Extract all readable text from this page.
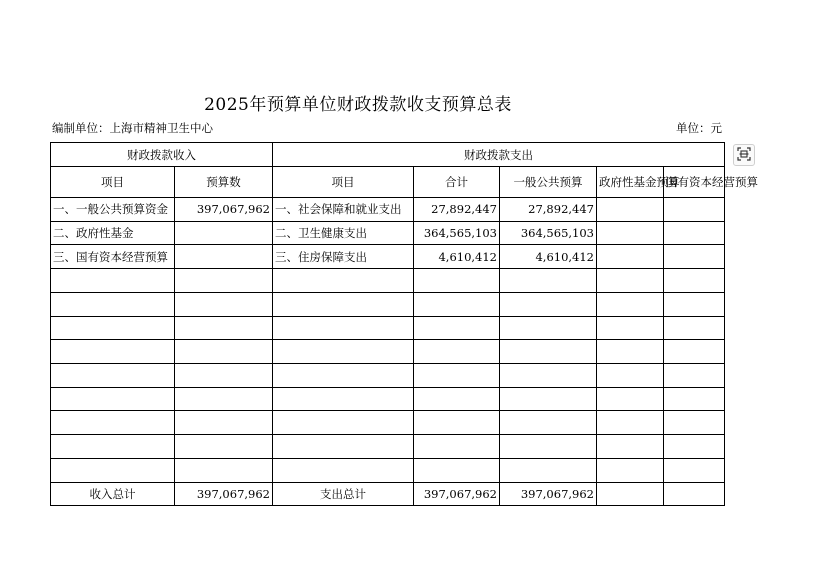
2025年预算单位财政拨款收支预算总表
编制单位：上海市精神卫生中心	单位：元
财政拨款收入		财政拨款支出				
项目	预算数	项目	合计	一般公共预算	政府性基金预算	国有资本经营预算
一、一般公共预算资金	397,067,962	一、社会保障和就业支出	27,892,447	27,892,447		
二、政府性基金		二、卫生健康支出	364,565,103	364,565,103		
三、国有资本经营预算		三、住房保障支出	4,610,412	4,610,412		

收入总计	397,067,962	支出总计	397,067,962	397,067,962		
